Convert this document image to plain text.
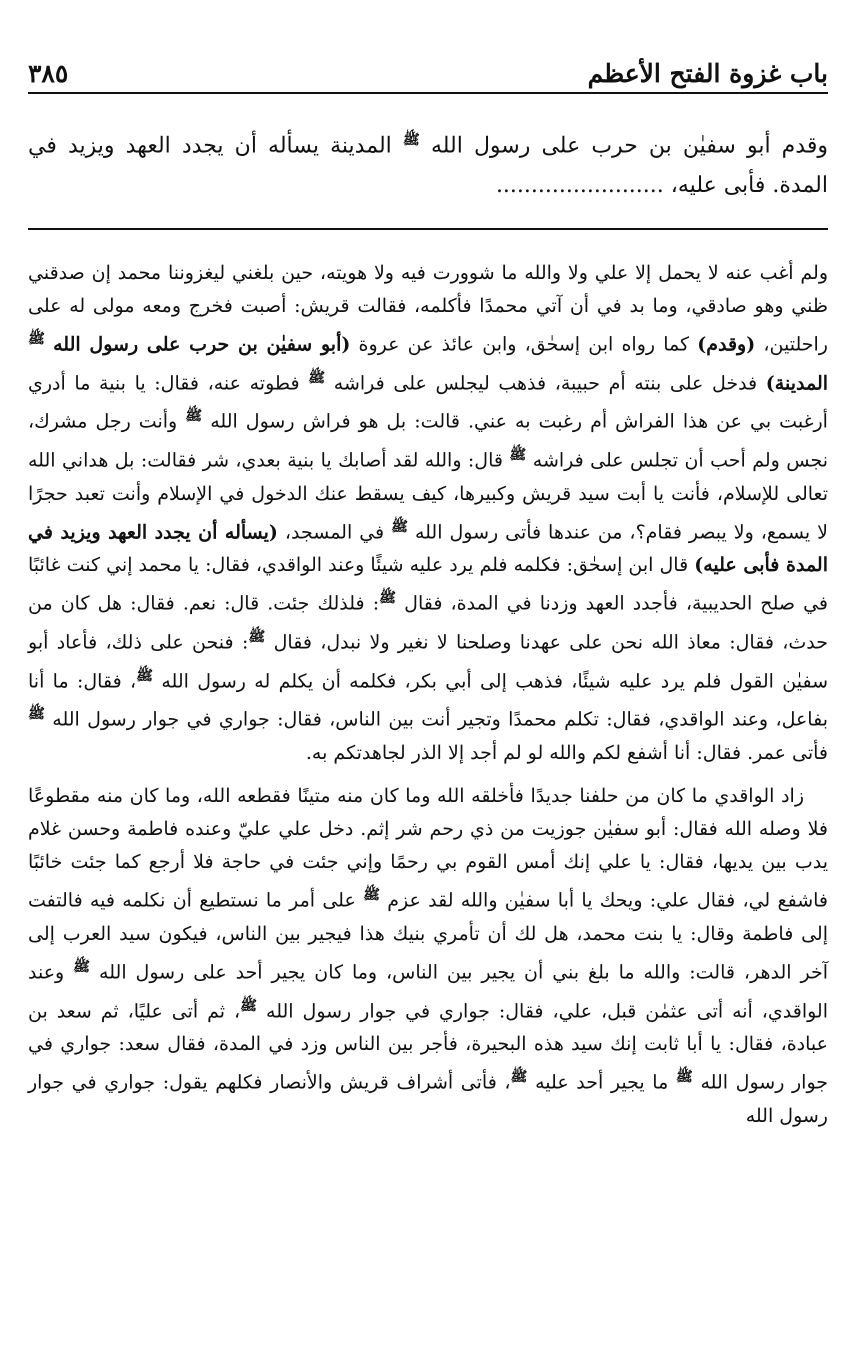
٣٨٥	باب غزوة الفتح الأعظم
وقدم أبو سفيٰن بن حرب على رسول الله $^ﷺ$ المدينة يسأله أن يجدد العهد ويزيد في المدة. فأبى عليه، ........................

ولم أغب عنه لا يحمل إلا علي ولا والله ما شوورت فيه ولا هويته، حين بلغني ليغزوننا محمد إن صدقني ظني وهو صادقي، وما بد في أن آتي محمدًا فأكلمه، فقالت قريش: أصبت فخرج ومعه مولى له على راحلتين، (وقدم) كما رواه ابن إسحٰق، وابن عائذ عن عروة (أبو سفيٰن بن حرب على رسول الله $^ﷺ$ المدينة) فدخل على بنته أم حبيبة، فذهب ليجلس على فراشه $^ﷺ$ فطوته عنه، فقال: يا بنية ما أدري أرغبت بي عن هذا الفراش أم رغبت به عني. قالت: بل هو فراش رسول الله $^ﷺ$ وأنت رجل مشرك، نجس ولم أحب أن تجلس على فراشه $^ﷺ$ قال: والله لقد أصابك يا بنية بعدي، شر فقالت: بل هداني الله تعالى للإسلام، فأنت يا أبت سيد قريش وكبيرها، كيف يسقط عنك الدخول في الإسلام وأنت تعبد حجرًا لا يسمع، ولا يبصر فقام؟، من عندها فأتى رسول الله $^ﷺ$ في المسجد، (يسأله أن يجدد العهد ويزيد في المدة فأبى عليه) قال ابن إسحٰق: فكلمه فلم يرد عليه شيئًا وعند الواقدي، فقال: يا محمد إني كنت غائبًا في صلح الحديبية، فأجدد العهد وزدنا في المدة، فقال $^ﷺ$: فلذلك جئت. قال: نعم. فقال: هل كان من حدث، فقال: معاذ الله نحن على عهدنا وصلحنا لا نغير ولا نبدل، فقال $^ﷺ$: فنحن على ذلك، فأعاد أبو سفيٰن القول فلم يرد عليه شيئًا، فذهب إلى أبي بكر، فكلمه أن يكلم له رسول الله $^ﷺ$، فقال: ما أنا بفاعل، وعند الواقدي، فقال: تكلم محمدًا وتجير أنت بين الناس، فقال: جواري في جوار رسول الله $^ﷺ$ فأتى عمر. فقال: أنا أشفع لكم والله لو لم أجد إلا الذر لجاهدتكم به.

زاد الواقدي ما كان من حلفنا جديدًا فأخلقه الله وما كان منه متينًا فقطعه الله، وما كان منه مقطوعًا فلا وصله الله فقال: أبو سفيٰن جوزيت من ذي رحم شر إثم. دخل علي عليّ وعنده فاطمة وحسن غلام يدب بين يديها، فقال: يا علي إنك أمس القوم بي رحمًا وإني جئت في حاجة فلا أرجع كما جئت خائبًا فاشفع لي، فقال علي: ويحك يا أبا سفيٰن والله لقد عزم $^ﷺ$ على أمر ما نستطيع أن نكلمه فيه فالتفت إلى فاطمة وقال: يا بنت محمد، هل لك أن تأمري بنيك هذا فيجير بين الناس، فيكون سيد العرب إلى آخر الدهر، قالت: والله ما بلغ بني أن يجير بين الناس، وما كان يجير أحد على رسول الله $^ﷺ$ وعند الواقدي، أنه أتى عثمٰن قبل، علي، فقال: جواري في جوار رسول الله $^ﷺ$، ثم أتى عليًا، ثم سعد بن عبادة، فقال: يا أبا ثابت إنك سيد هذه البحيرة، فأجر بين الناس وزد في المدة، فقال سعد: جواري في جوار رسول الله $^ﷺ$ ما يجير أحد عليه $^ﷺ$، فأتى أشراف قريش والأنصار فكلهم يقول: جواري في جوار رسول الله
